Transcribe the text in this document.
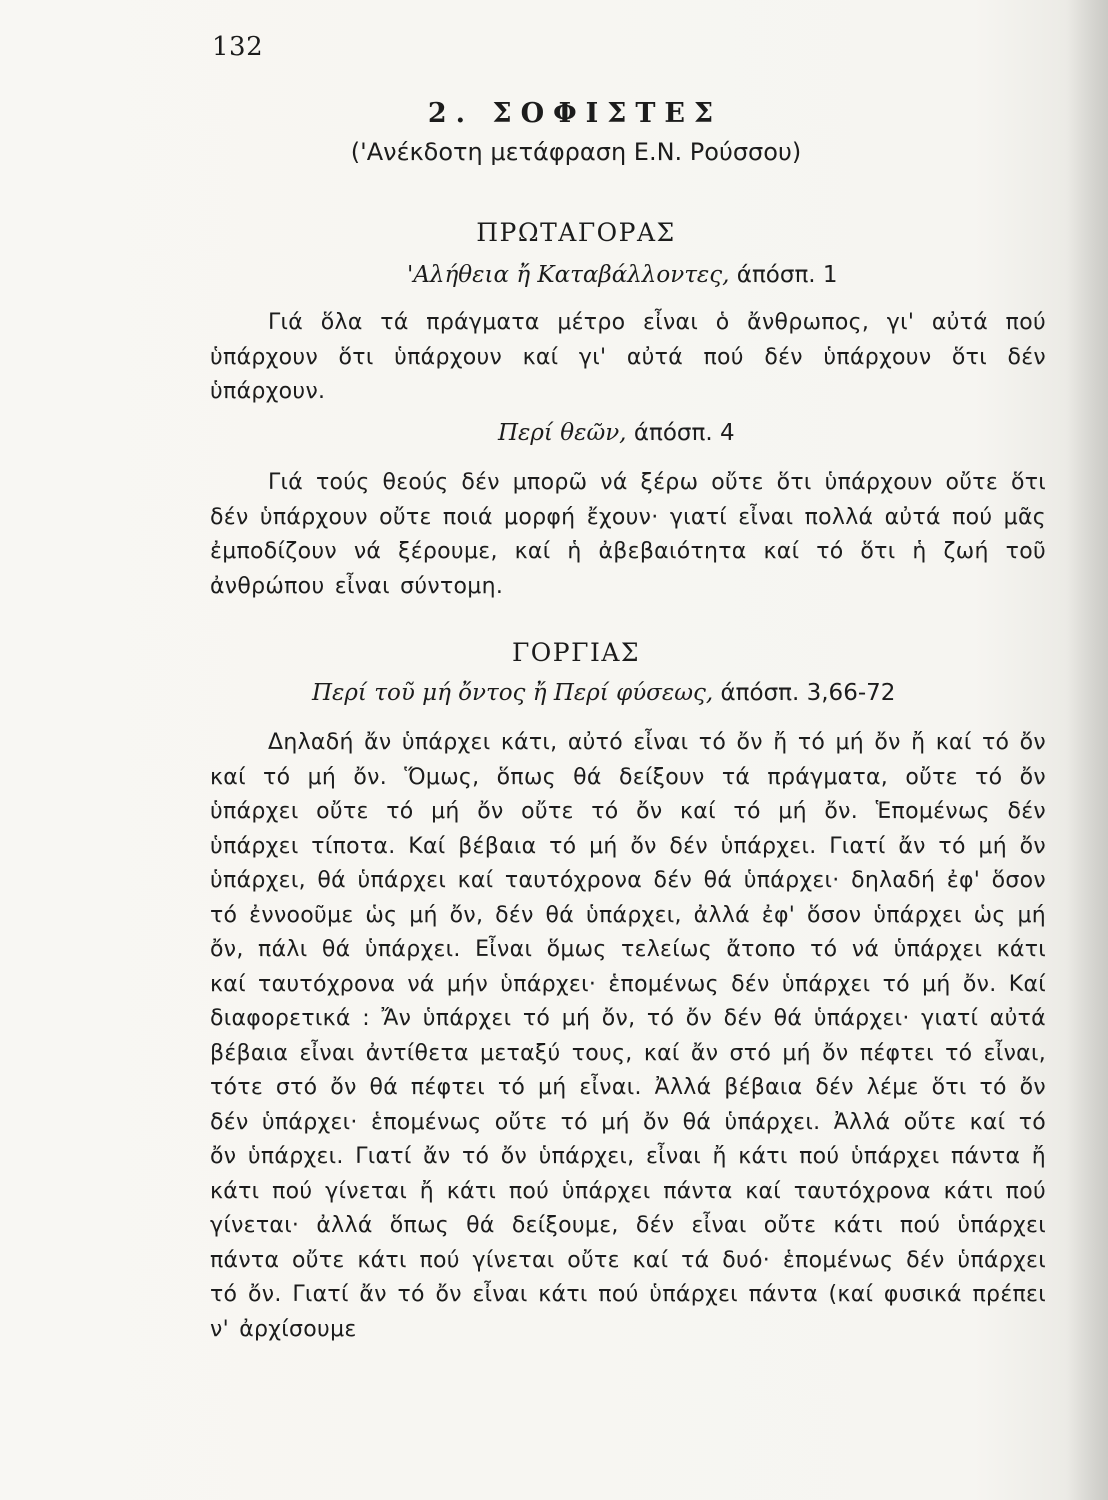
132
2. ΣΟΦΙΣΤΕΣ
('Ανέκδοτη μετάφραση Ε.Ν. Ρούσσου)
ΠΡΩΤΑΓΟΡΑΣ
'Αλήθεια ἤ Καταβάλλοντες, άπόσπ. 1

Γιά ὅλα τά πράγματα μέτρο εἶναι ὁ ἄνθρωπος, γι' αὐτά πού ὑπάρχουν ὅτι ὑπάρχουν καί γι' αὐτά πού δέν ὑπάρχουν ὅτι δέν ὑπάρχουν.

Περί θεῶν, άπόσπ. 4

Γιά τούς θεούς δέν μπορῶ νά ξέρω οὔτε ὅτι ὑπάρχουν οὔτε ὅτι δέν ὑπάρχουν οὔτε ποιά μορφή ἔχουν· γιατί εἶναι πολλά αὐτά πού μᾶς ἐμποδίζουν νά ξέρουμε, καί ἡ ἀβεβαιότητα καί τό ὅτι ἡ ζωή τοῦ ἀνθρώπου εἶναι σύντομη.

ΓΟΡΓΙΑΣ
Περί τοῦ μή ὄντος ἤ Περί φύσεως, άπόσπ. 3,66-72

Δηλαδή ἄν ὑπάρχει κάτι, αὐτό εἶναι τό ὄν ἤ τό μή ὄν ἤ καί τό ὄν καί τό μή ὄν. Ὅμως, ὅπως θά δείξουν τά πράγματα, οὔτε τό ὄν ὑπάρχει οὔτε τό μή ὄν οὔτε τό ὄν καί τό μή ὄν. Ἑπομένως δέν ὑπάρχει τίποτα. Καί βέβαια τό μή ὄν δέν ὑπάρχει. Γιατί ἄν τό μή ὄν ὑπάρχει, θά ὑπάρχει καί ταυτόχρονα δέν θά ὑπάρχει· δηλαδή ἐφ' ὅσον τό ἐννοοῦμε ὡς μή ὄν, δέν θά ὑπάρχει, ἀλλά ἐφ' ὅσον ὑπάρχει ὡς μή ὄν, πάλι θά ὑπάρχει. Εἶναι ὅμως τελείως ἄτοπο τό νά ὑπάρχει κάτι καί ταυτόχρονα νά μήν ὑπάρχει· ἑπομένως δέν ὑπάρχει τό μή ὄν. Καί διαφορετικά : Ἄν ὑπάρχει τό μή ὄν, τό ὄν δέν θά ὑπάρχει· γιατί αὐτά βέβαια εἶναι ἀντίθετα μεταξύ τους, καί ἄν στό μή ὄν πέφτει τό εἶναι, τότε στό ὄν θά πέφτει τό μή εἶναι. Ἀλλά βέβαια δέν λέμε ὅτι τό ὄν δέν ὑπάρχει· ἑπομένως οὔτε τό μή ὄν θά ὑπάρχει. Ἀλλά οὔτε καί τό ὄν ὑπάρχει. Γιατί ἄν τό ὄν ὑπάρχει, εἶναι ἤ κάτι πού ὑπάρχει πάντα ἤ κάτι πού γίνεται ἤ κάτι πού ὑπάρχει πάντα καί ταυτόχρονα κάτι πού γίνεται· ἀλλά ὅπως θά δείξουμε, δέν εἶναι οὔτε κάτι πού ὑπάρχει πάντα οὔτε κάτι πού γίνεται οὔτε καί τά δυό· ἑπομένως δέν ὑπάρχει τό ὄν. Γιατί ἄν τό ὄν εἶναι κάτι πού ὑπάρχει πάντα (καί φυσικά πρέπει ν' ἀρχίσουμε
